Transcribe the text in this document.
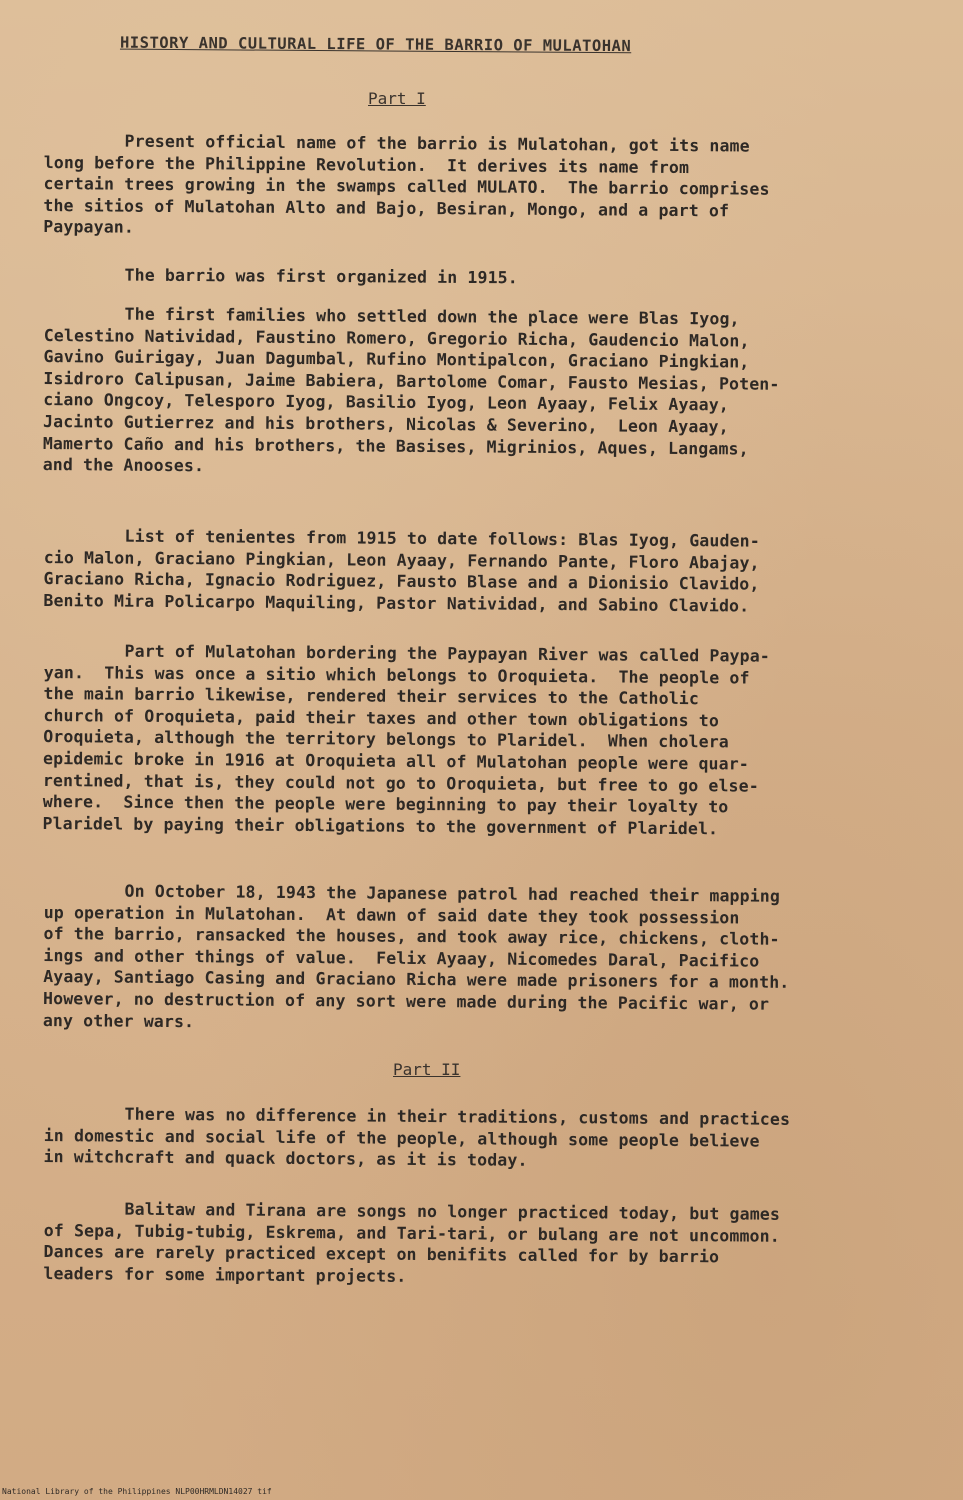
HISTORY AND CULTURAL LIFE OF THE BARRIO OF MULATOHAN
Part I
Present official name of the barrio is Mulatohan, got its name
long before the Philippine Revolution.  It derives its name from
certain trees growing in the swamps called MULATO.  The barrio comprises
the sitios of Mulatohan Alto and Bajo, Besiran, Mongo, and a part of
Paypayan.
The barrio was first organized in 1915.
The first families who settled down the place were Blas Iyog,
Celestino Natividad, Faustino Romero, Gregorio Richa, Gaudencio Malon,
Gavino Guirigay, Juan Dagumbal, Rufino Montipalcon, Graciano Pingkian,
Isidroro Calipusan, Jaime Babiera, Bartolome Comar, Fausto Mesias, Poten-
ciano Ongcoy, Telesporo Iyog, Basilio Iyog, Leon Ayaay, Felix Ayaay,
Jacinto Gutierrez and his brothers, Nicolas & Severino,  Leon Ayaay,
Mamerto Caño and his brothers, the Basises, Migrinios, Aques, Langams,
and the Anooses.
List of tenientes from 1915 to date follows: Blas Iyog, Gauden-
cio Malon, Graciano Pingkian, Leon Ayaay, Fernando Pante, Floro Abajay,
Graciano Richa, Ignacio Rodriguez, Fausto Blase and a Dionisio Clavido,
Benito Mira Policarpo Maquiling, Pastor Natividad, and Sabino Clavido.
Part of Mulatohan bordering the Paypayan River was called Paypa-
yan.  This was once a sitio which belongs to Oroquieta.  The people of
the main barrio likewise, rendered their services to the Catholic
church of Oroquieta, paid their taxes and other town obligations to
Oroquieta, although the territory belongs to Plaridel.  When cholera
epidemic broke in 1916 at Oroquieta all of Mulatohan people were quar-
rentined, that is, they could not go to Oroquieta, but free to go else-
where.  Since then the people were beginning to pay their loyalty to
Plaridel by paying their obligations to the government of Plaridel.
On October 18, 1943 the Japanese patrol had reached their mapping
up operation in Mulatohan.  At dawn of said date they took possession
of the barrio, ransacked the houses, and took away rice, chickens, cloth-
ings and other things of value.  Felix Ayaay, Nicomedes Daral, Pacifico
Ayaay, Santiago Casing and Graciano Richa were made prisoners for a month.
However, no destruction of any sort were made during the Pacific war, or
any other wars.
Part II
There was no difference in their traditions, customs and practices
in domestic and social life of the people, although some people believe
in witchcraft and quack doctors, as it is today.
Balitaw and Tirana are songs no longer practiced today, but games
of Sepa, Tubig-tubig, Eskrema, and Tari-tari, or bulang are not uncommon.
Dances are rarely practiced except on benifits called for by barrio
leaders for some important projects.
National Library of the Philippines NLP00HRMLDN14027 tif
